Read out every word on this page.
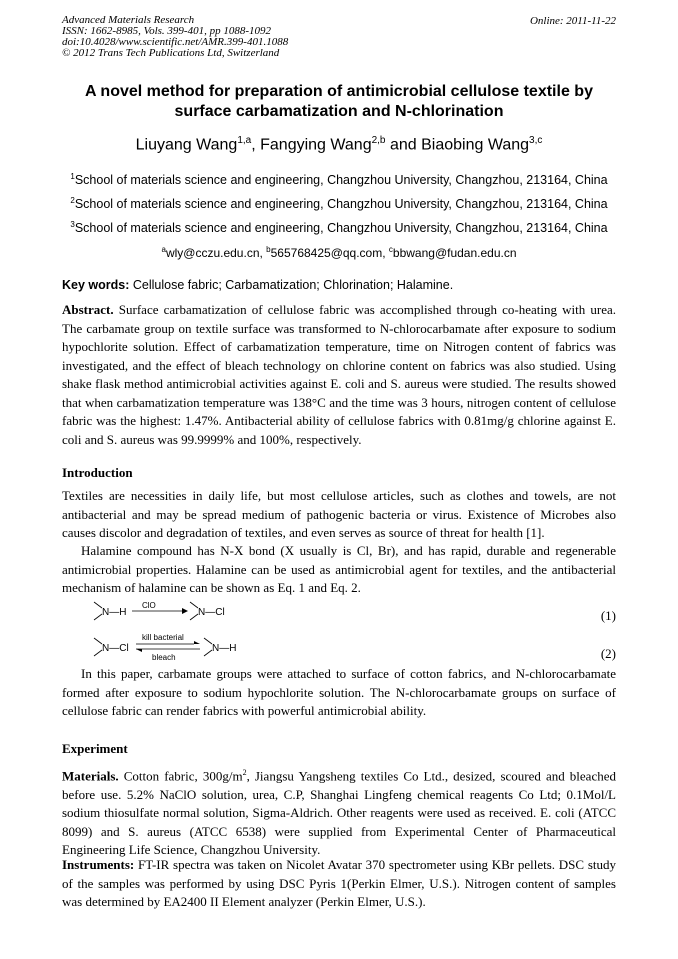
Advanced Materials Research
ISSN: 1662-8985, Vols. 399-401, pp 1088-1092
doi:10.4028/www.scientific.net/AMR.399-401.1088
© 2012 Trans Tech Publications Ltd, Switzerland
Online: 2011-11-22
A novel method for preparation of antimicrobial cellulose textile by
surface carbamatization and N-chlorination
Liuyang Wang$^{1,a}$, Fangying Wang$^{2,b}$ and Biaobing Wang$^{3,c}$
$^1$School of materials science and engineering, Changzhou University, Changzhou, 213164, China
$^2$School of materials science and engineering, Changzhou University, Changzhou, 213164, China
$^3$School of materials science and engineering, Changzhou University, Changzhou, 213164, China
$^a$wly@cczu.edu.cn, $^b$565768425@qq.com, $^c$bbwang@fudan.edu.cn
Key words: Cellulose fabric; Carbamatization; Chlorination; Halamine.
Abstract. Surface carbamatization of cellulose fabric was accomplished through co-heating with urea. The carbamate group on textile surface was transformed to N-chlorocarbamate after exposure to sodium hypochlorite solution. Effect of carbamatization temperature, time on Nitrogen content of fabrics was investigated, and the effect of bleach technology on chlorine content on fabrics was also studied. Using shake flask method antimicrobial activities against E. coli and S. aureus were studied. The results showed that when carbamatization temperature was 138°C and the time was 3 hours, nitrogen content of cellulose fabric was the highest: 1.47%. Antibacterial ability of cellulose fabrics with 0.81mg/g chlorine against E. coli and S. aureus was 99.9999% and 100%, respectively.
Introduction
Textiles are necessities in daily life, but most cellulose articles, such as clothes and towels, are not antibacterial and may be spread medium of pathogenic bacteria or virus. Existence of Microbes also causes discolor and degradation of textiles, and even serves as source of threat for health [1].
Halamine compound has N-X bond (X usually is Cl, Br), and has rapid, durable and regenerable antimicrobial properties. Halamine can be used as antimicrobial agent for textiles, and the antibacterial mechanism of halamine can be shown as Eq. 1 and Eq. 2.
N—H
ClO
N—Cl	(1)
N—Cl
kill bacterial
bleach
N—H	(2)
In this paper, carbamate groups were attached to surface of cotton fabrics, and N-chlorocarbamate formed after exposure to sodium hypochlorite solution. The N-chlorocarbamate groups on surface of cellulose fabric can render fabrics with powerful antimicrobial ability.
Experiment
Materials. Cotton fabric, $300g/m^2$, Jiangsu Yangsheng textiles Co Ltd., desized, scoured and bleached before use. 5.2% NaClO solution, urea, C.P, Shanghai Lingfeng chemical reagents Co Ltd; 0.1Mol/L sodium thiosulfate normal solution, Sigma-Aldrich. Other reagents were used as received. E. coli (ATCC 8099) and S. aureus (ATCC 6538) were supplied from Experimental Center of Pharmaceutical Engineering Life Science, Changzhou University.
Instruments: FT-IR spectra was taken on Nicolet Avatar 370 spectrometer using KBr pellets. DSC study of the samples was performed by using DSC Pyris 1(Perkin Elmer, U.S.). Nitrogen content of samples was determined by EA2400 II Element analyzer (Perkin Elmer, U.S.).
